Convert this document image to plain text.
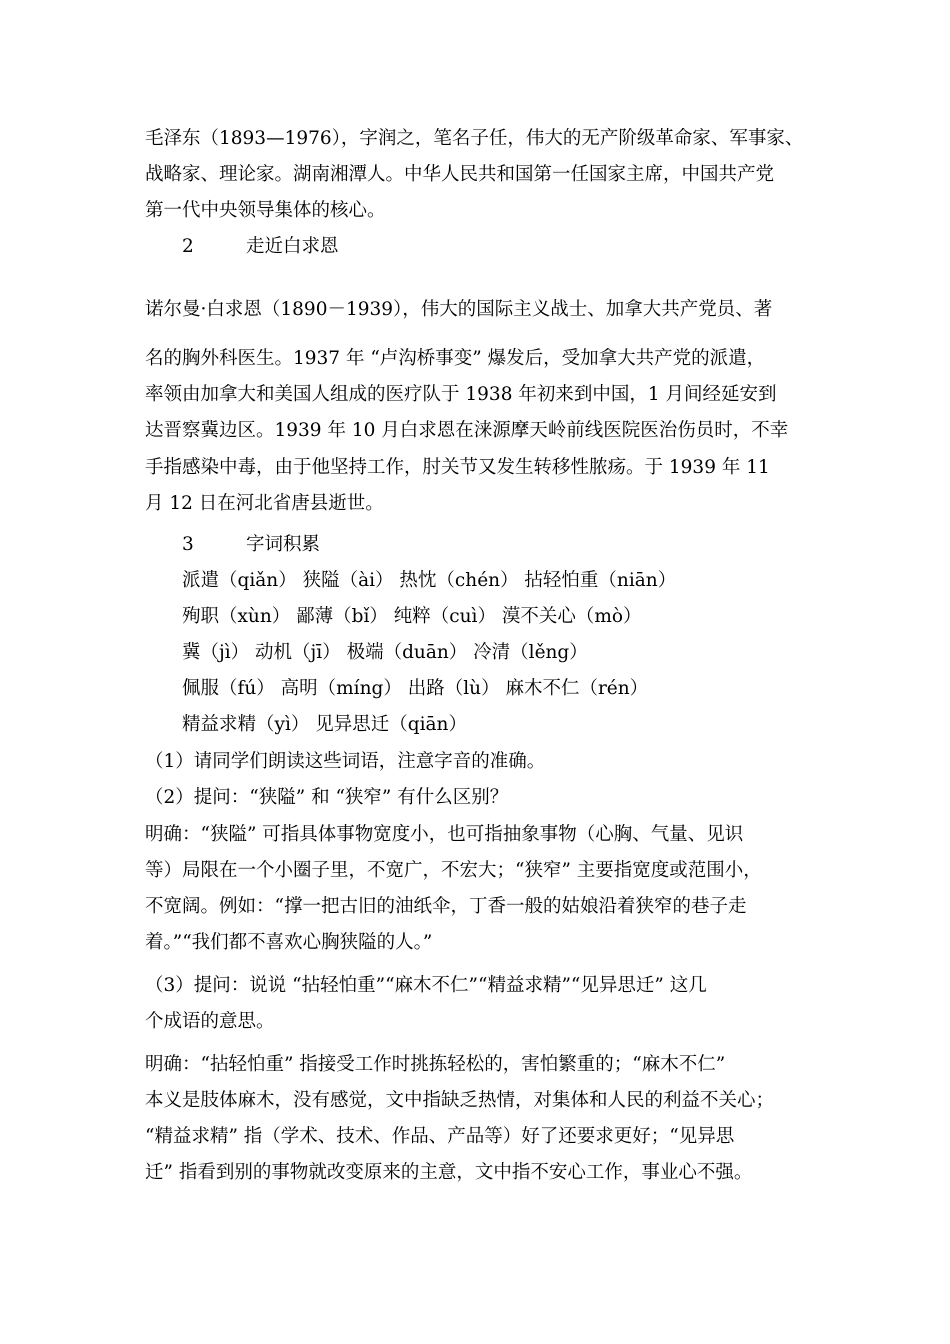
毛泽东（1893—1976），字润之，笔名子任，伟大的无产阶级革命家、军事家、
战略家、理论家。湖南湘潭人。中华人民共和国第一任国家主席，中国共产党
第一代中央领导集体的核心。
2	走近白求恩
诺尔曼·白求恩（1890－1939），伟大的国际主义战士、加拿大共产党员、著
名的胸外科医生。1937 年 “卢沟桥事变” 爆发后，受加拿大共产党的派遣，
率领由加拿大和美国人组成的医疗队于 1938 年初来到中国，1 月间经延安到
达晋察冀边区。1939 年 10 月白求恩在涞源摩天岭前线医院医治伤员时，不幸
手指感染中毒，由于他坚持工作，肘关节又发生转移性脓疡。于 1939 年 11
月 12 日在河北省唐县逝世。
3	字词积累
派遣（qiǎn） 狭隘（ài） 热忱（chén） 拈轻怕重（niān）
殉职（xùn） 鄙薄（bǐ） 纯粹（cuì） 漠不关心（mò）
冀（jì） 动机（jī） 极端（duān） 冷清（lěng）
佩服（fú） 高明（míng） 出路（lù） 麻木不仁（rén）
精益求精（yì） 见异思迁（qiān）
（1）请同学们朗读这些词语，注意字音的准确。
（2）提问：“狭隘” 和 “狭窄” 有什么区别？
明确：“狭隘” 可指具体事物宽度小，也可指抽象事物（心胸、气量、见识
等）局限在一个小圈子里，不宽广，不宏大；“狭窄” 主要指宽度或范围小，
不宽阔。例如：“撑一把古旧的油纸伞，丁香一般的姑娘沿着狭窄的巷子走
着。”“我们都不喜欢心胸狭隘的人。”
（3）提问：说说 “拈轻怕重”“麻木不仁”“精益求精”“见异思迁” 这几
个成语的意思。
明确：“拈轻怕重” 指接受工作时挑拣轻松的，害怕繁重的；“麻木不仁”
本义是肢体麻木，没有感觉，文中指缺乏热情，对集体和人民的利益不关心；
“精益求精” 指（学术、技术、作品、产品等）好了还要求更好；“见异思
迁” 指看到别的事物就改变原来的主意，文中指不安心工作，事业心不强。
